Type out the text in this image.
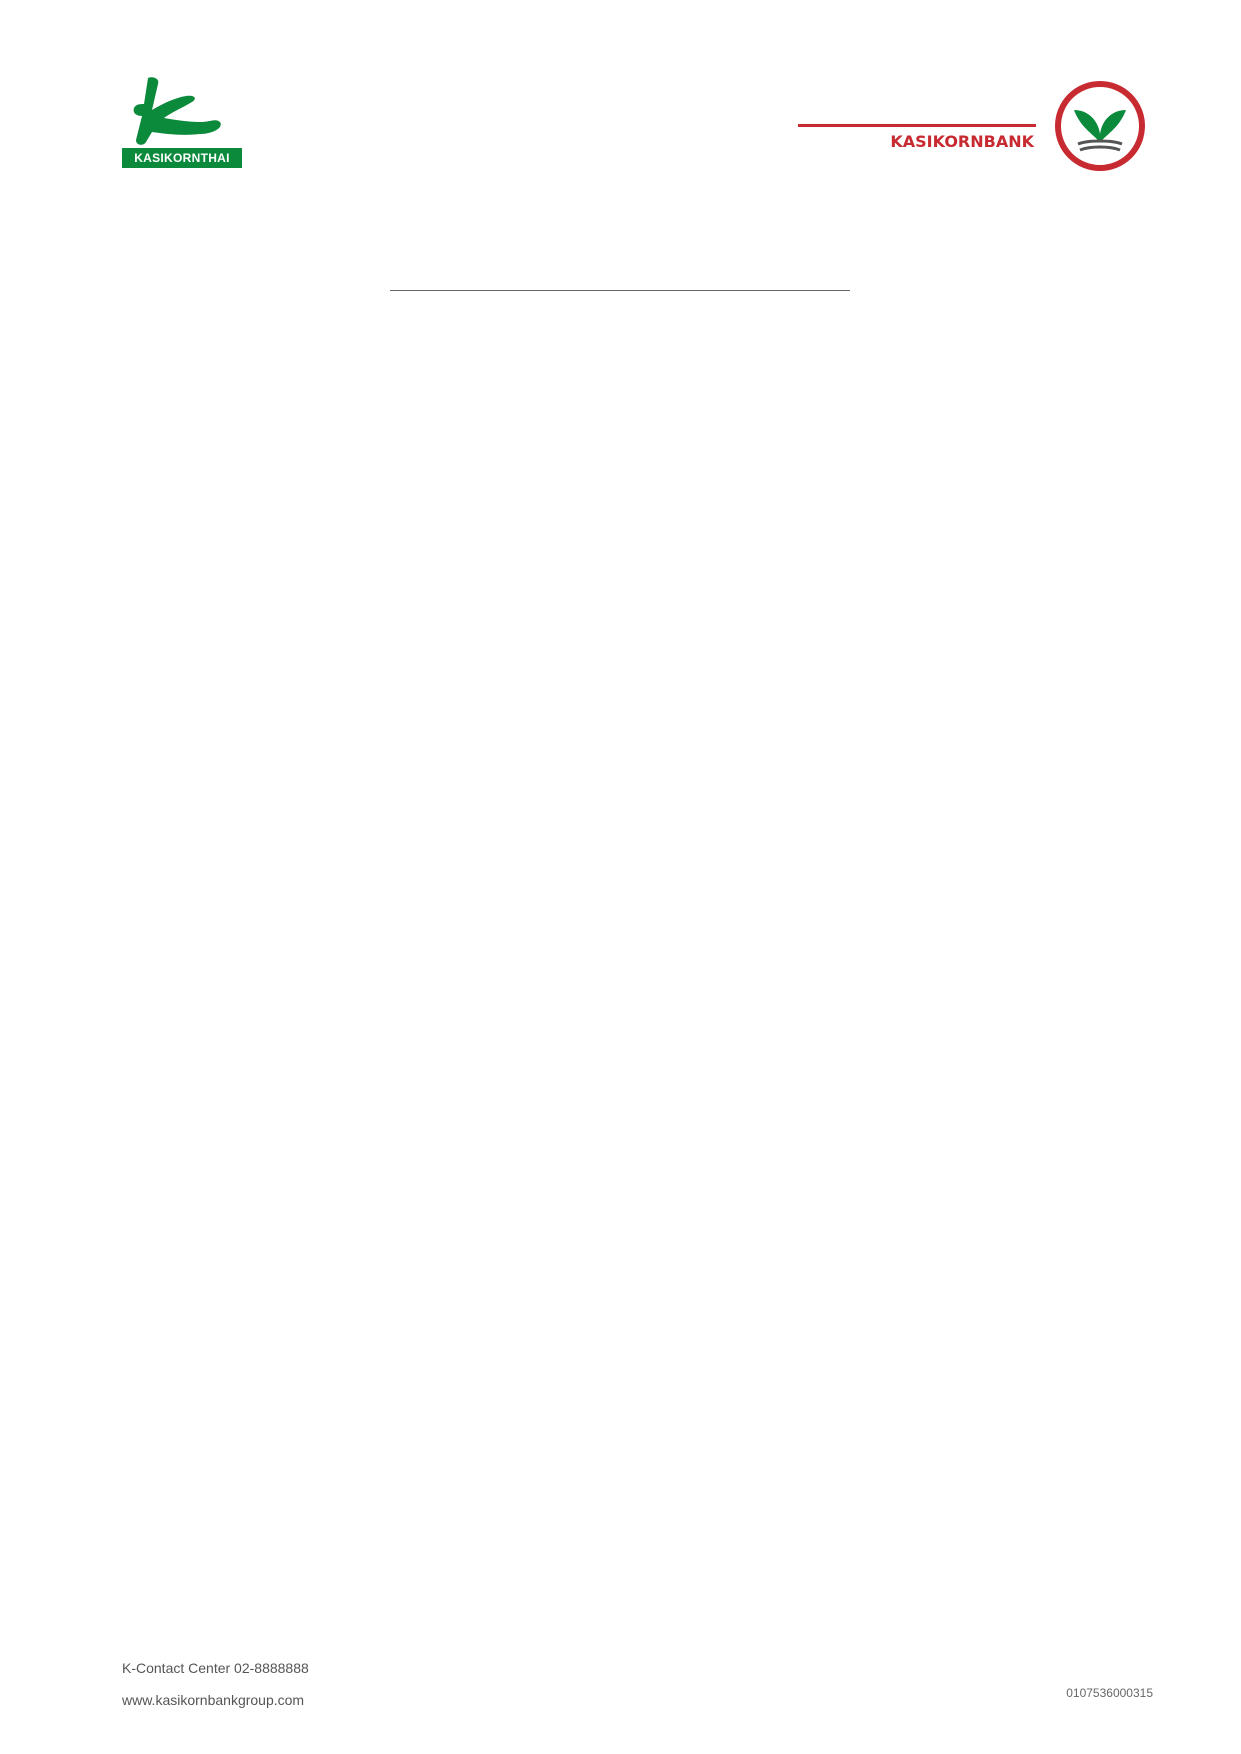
KASIKORNTHAI
KASIKORNBANK

K-Contact Center 02-8888888
www.kasikornbankgroup.com	0107536000315
